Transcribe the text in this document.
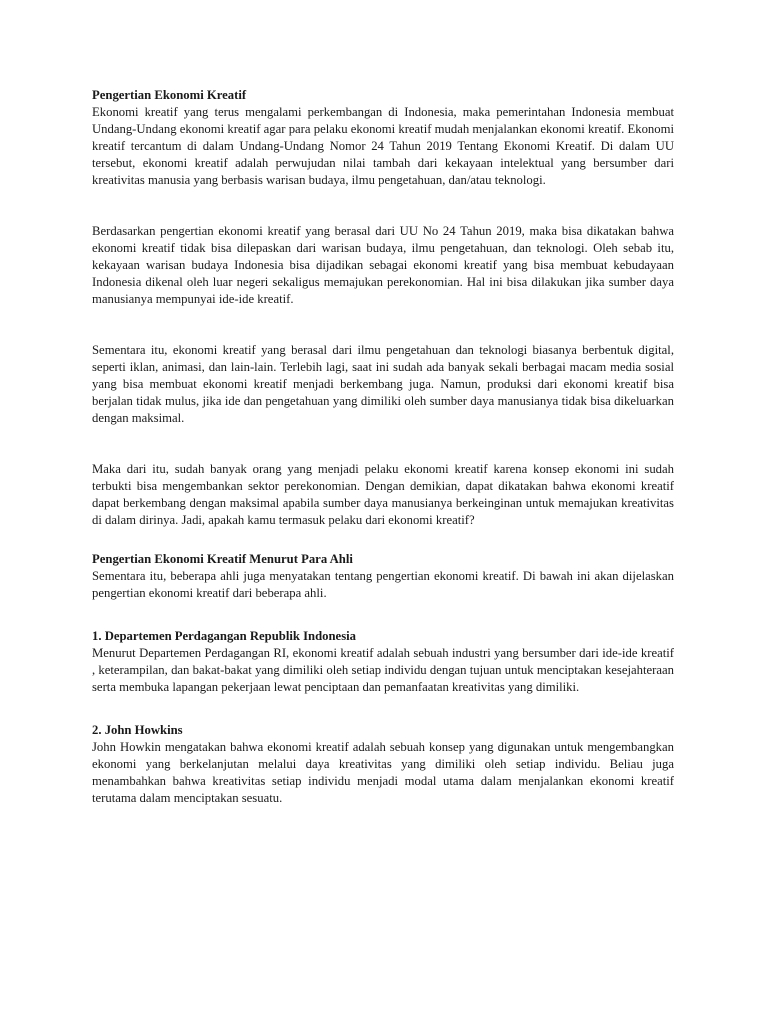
Pengertian Ekonomi Kreatif

Ekonomi kreatif yang terus mengalami perkembangan di Indonesia, maka pemerintahan Indonesia membuat Undang-Undang ekonomi kreatif agar para pelaku ekonomi kreatif mudah menjalankan ekonomi kreatif. Ekonomi kreatif tercantum di dalam Undang-Undang Nomor 24 Tahun 2019 Tentang Ekonomi Kreatif. Di dalam UU tersebut, ekonomi kreatif adalah perwujudan nilai tambah dari kekayaan intelektual yang bersumber dari kreativitas manusia yang berbasis warisan budaya, ilmu pengetahuan, dan/atau teknologi.

Berdasarkan pengertian ekonomi kreatif yang berasal dari UU No 24 Tahun 2019, maka bisa dikatakan bahwa ekonomi kreatif tidak bisa dilepaskan dari warisan budaya, ilmu pengetahuan, dan teknologi. Oleh sebab itu, kekayaan warisan budaya Indonesia bisa dijadikan sebagai ekonomi kreatif yang bisa membuat kebudayaan Indonesia dikenal oleh luar negeri sekaligus memajukan perekonomian. Hal ini bisa dilakukan jika sumber daya manusianya mempunyai ide-ide kreatif.

Sementara itu, ekonomi kreatif yang berasal dari ilmu pengetahuan dan teknologi biasanya berbentuk digital, seperti iklan, animasi, dan lain-lain. Terlebih lagi, saat ini sudah ada banyak sekali berbagai macam media sosial yang bisa membuat ekonomi kreatif menjadi berkembang juga. Namun, produksi dari ekonomi kreatif bisa berjalan tidak mulus, jika ide dan pengetahuan yang dimiliki oleh sumber daya manusianya tidak bisa dikeluarkan dengan maksimal.

Maka dari itu, sudah banyak orang yang menjadi pelaku ekonomi kreatif karena konsep ekonomi ini sudah terbukti bisa mengembankan sektor perekonomian. Dengan demikian, dapat dikatakan bahwa ekonomi kreatif dapat berkembang dengan maksimal apabila sumber daya manusianya berkeinginan untuk memajukan kreativitas di dalam dirinya. Jadi, apakah kamu termasuk pelaku dari ekonomi kreatif?

Pengertian Ekonomi Kreatif Menurut Para Ahli

Sementara itu, beberapa ahli juga menyatakan tentang pengertian ekonomi kreatif. Di bawah ini akan dijelaskan pengertian ekonomi kreatif dari beberapa ahli.

1. Departemen Perdagangan Republik Indonesia

Menurut Departemen Perdagangan RI, ekonomi kreatif adalah sebuah industri yang bersumber dari ide-ide kreatif , keterampilan, dan bakat-bakat yang dimiliki oleh setiap individu dengan tujuan untuk menciptakan kesejahteraan serta membuka lapangan pekerjaan lewat penciptaan dan pemanfaatan kreativitas yang dimiliki.

2. John Howkins

John Howkin mengatakan bahwa ekonomi kreatif adalah sebuah konsep yang digunakan untuk mengembangkan ekonomi yang berkelanjutan melalui daya kreativitas yang dimiliki oleh setiap individu. Beliau juga menambahkan bahwa kreativitas setiap individu menjadi modal utama dalam menjalankan ekonomi kreatif terutama dalam menciptakan sesuatu.
